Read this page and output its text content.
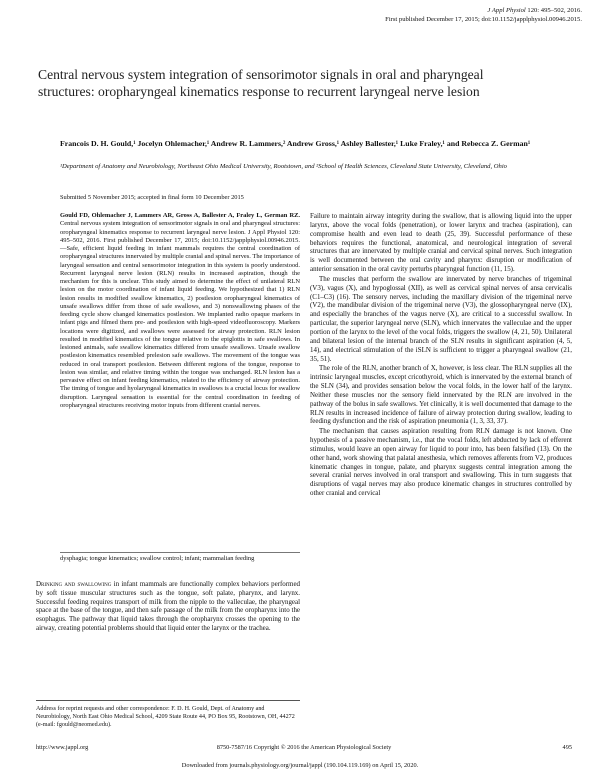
J Appl Physiol 120: 495–502, 2016.
First published December 17, 2015; doi:10.1152/japplphysiol.00946.2015.
Central nervous system integration of sensorimotor signals in oral and pharyngeal structures: oropharyngeal kinematics response to recurrent laryngeal nerve lesion
Francois D. H. Gould,¹ Jocelyn Ohlemacher,¹ Andrew R. Lammers,² Andrew Gross,¹ Ashley Ballester,¹ Luke Fraley,¹ and Rebecca Z. German¹
¹Department of Anatomy and Neurobiology, Northeast Ohio Medical University, Rootstown, and ²School of Health Sciences, Cleveland State University, Cleveland, Ohio
Submitted 5 November 2015; accepted in final form 10 December 2015
Gould FD, Ohlemacher J, Lammers AR, Gross A, Ballester A, Fraley L, German RZ. Central nervous system integration of sensorimotor signals in oral and pharyngeal structures: oropharyngeal kinematics response to recurrent laryngeal nerve lesion. J Appl Physiol 120: 495–502, 2016. First published December 17, 2015; doi:10.1152/japplphysiol.00946.2015.—Safe, efficient liquid feeding in infant mammals requires the central coordination of oropharyngeal structures innervated by multiple cranial and spinal nerves. The importance of laryngeal sensation and central sensorimotor integration in this system is poorly understood. Recurrent laryngeal nerve lesion (RLN) results in increased aspiration, though the mechanism for this is unclear. This study aimed to determine the effect of unilateral RLN lesion on the motor coordination of infant liquid feeding. We hypothesized that 1) RLN lesion results in modified swallow kinematics, 2) postlesion oropharyngeal kinematics of unsafe swallows differ from those of safe swallows, and 3) nonswallowing phases of the feeding cycle show changed kinematics postlesion. We implanted radio opaque markers in infant pigs and filmed them pre- and postlesion with high-speed videofluoroscopy. Markers locations were digitized, and swallows were assessed for airway protection. RLN lesion resulted in modified kinematics of the tongue relative to the epiglottis in safe swallows. In lesioned animals, safe swallow kinematics differed from unsafe swallows. Unsafe swallow postlesion kinematics resembled prelesion safe swallows. The movement of the tongue was reduced in oral transport postlesion. Between different regions of the tongue, response to lesion was similar, and relative timing within the tongue was unchanged. RLN lesion has a pervasive effect on infant feeding kinematics, related to the efficiency of airway protection. The timing of tongue and hyolaryngeal kinematics in swallows is a crucial locus for swallow disruption. Laryngeal sensation is essential for the central coordination in feeding of oropharyngeal structures receiving motor inputs from different cranial nerves.
dysphagia; tongue kinematics; swallow control; infant; mammalian feeding
Drinking and swallowing in infant mammals are functionally complex behaviors performed by soft tissue muscular structures such as the tongue, soft palate, pharynx, and larynx. Successful feeding requires transport of milk from the nipple to the valleculae, the pharyngeal space at the base of the tongue, and then safe passage of the milk from the oropharynx into the esophagus. The pathway that liquid takes through the oropharynx crosses the opening to the airway, creating potential problems should that liquid enter the larynx or the trachea.
Address for reprint requests and other correspondence: F. D. H. Gould, Dept. of Anatomy and Neurobiology, North East Ohio Medical School, 4209 State Route 44, PO Box 95, Rootstown, OH, 44272 (e-mail: fgould@neomed.edu).

Failure to maintain airway integrity during the swallow, that is allowing liquid into the upper larynx, above the vocal folds (penetration), or lower larynx and trachea (aspiration), can compromise health and even lead to death (25, 39). Successful performance of these behaviors requires the functional, anatomical, and neurological integration of several structures that are innervated by multiple cranial and cervical spinal nerves. Such integration is well documented between the oral cavity and pharynx: disruption or modification of anterior sensation in the oral cavity perturbs pharyngeal function (11, 15).

The muscles that perform the swallow are innervated by nerve branches of trigeminal (V3), vagus (X), and hypoglossal (XII), as well as cervical spinal nerves of ansa cervicalis (C1–C3) (16). The sensory nerves, including the maxillary division of the trigeminal nerve (V2), the mandibular division of the trigeminal nerve (V3), the glossopharyngeal nerve (IX), and especially the branches of the vagus nerve (X), are critical to a successful swallow. In particular, the superior laryngeal nerve (SLN), which innervates the valleculae and the upper portion of the larynx to the level of the vocal folds, triggers the swallow (4, 21, 50). Unilateral and bilateral lesion of the internal branch of the SLN results in significant aspiration (4, 5, 14), and electrical stimulation of the iSLN is sufficient to trigger a pharyngeal swallow (21, 35, 51).

The role of the RLN, another branch of X, however, is less clear. The RLN supplies all the intrinsic laryngeal muscles, except cricothyroid, which is innervated by the external branch of the SLN (34), and provides sensation below the vocal folds, in the lower half of the larynx. Neither these muscles nor the sensory field innervated by the RLN are involved in the pathway of the bolus in safe swallows. Yet clinically, it is well documented that damage to the RLN results in increased incidence of failure of airway protection during swallow, leading to feeding dysfunction and the risk of aspiration pneumonia (1, 3, 33, 37).

The mechanism that causes aspiration resulting from RLN damage is not known. One hypothesis of a passive mechanism, i.e., that the vocal folds, left abducted by lack of efferent stimulus, would leave an open airway for liquid to pour into, has been falsified (13). On the other hand, work showing that palatal anesthesia, which removes afferents from V2, produces kinematic changes in tongue, palate, and pharynx suggests central integration among the several cranial nerves involved in oral transport and swallowing. This in turn suggests that disruptions of vagal nerves may also produce kinematic changes in structures controlled by other cranial and cervical

http://www.jappl.org	8750-7587/16 Copyright © 2016 the American Physiological Society	495
Downloaded from journals.physiology.org/journal/jappl (190.104.119.169) on April 15, 2020.
